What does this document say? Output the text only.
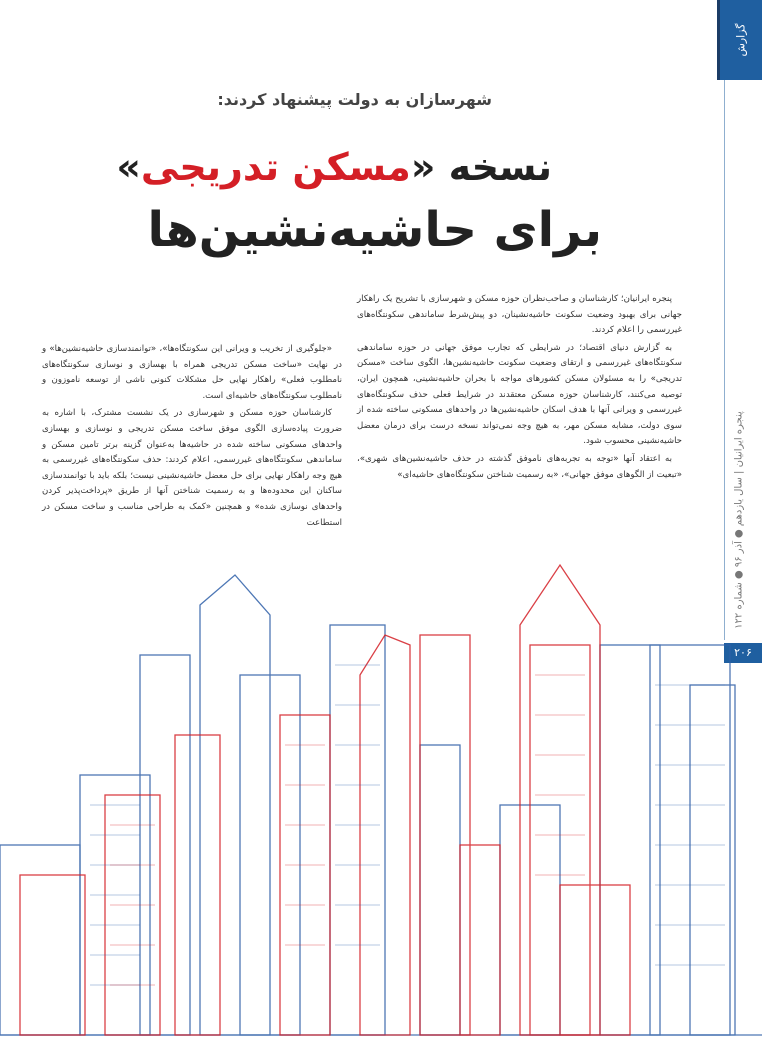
گزارش
پنجره ایرانیان | سال یازدهم ● آذر ۹۶ ● شماره ۱۲۲
۲۰۶
شهرسازان به دولت پیشنهاد کردند:
نسخه «مسکن تدریجی»
برای حاشیه‌نشین‌ها

پنجره ایرانیان؛ کارشناسان و صاحب‌نظران حوزه مسکن و شهرسازی با تشریح یک راهکار جهانی برای بهبود وضعیت سکونت حاشیه‌نشینان، دو پیش‌شرط ساماندهی سکونتگاه‌های غیررسمی را اعلام کردند.

به گزارش دنیای اقتصاد؛ در شرایطی که تجارب موفق جهانی در حوزه ساماندهی سکونتگاه‌های غیررسمی و ارتقای وضعیت سکونت حاشیه‌نشین‌ها، الگوی ساخت «مسکن تدریجی» را به مسئولان مسکن کشورهای مواجه با بحران حاشیه‌نشینی، همچون ایران، توصیه می‌کنند، کارشناسان حوزه مسکن معتقدند در شرایط فعلی حذف سکونتگاه‌های غیررسمی و ویرانی آنها با هدف اسکان حاشیه‌نشین‌ها در واحدهای مسکونی ساخته شده از سوی دولت، مشابه مسکن مهر، به هیچ وجه نمی‌تواند نسخه درست برای درمان معضل حاشیه‌نشینی محسوب شود.

به اعتقاد آنها «توجه به تجربه‌های ناموفق گذشته در حذف حاشیه‌نشین‌های شهری»، «تبعیت از الگوهای موفق جهانی»، «به رسمیت شناختن سکونتگاه‌های حاشیه‌ای»

«جلوگیری از تخریب و ویرانی این سکونتگاه‌ها»، «توانمندسازی حاشیه‌نشین‌ها» و در نهایت «ساخت مسکن تدریجی همراه با بهسازی و نوسازی سکونتگاه‌های نامطلوب فعلی» راهکار نهایی حل مشکلات کنونی ناشی از توسعه ناموزون و نامطلوب سکونتگاه‌های حاشیه‌ای است.

کارشناسان حوزه مسکن و شهرسازی در یک نشست مشترک، با اشاره به ضرورت پیاده‌سازی الگوی موفق ساخت مسکن تدریجی و نوسازی و بهسازی واحدهای مسکونی ساخته شده در حاشیه‌ها به‌عنوان گزینه برتر تامین مسکن و ساماندهی سکونتگاه‌های غیررسمی، اعلام کردند: حذف سکونتگاه‌های غیررسمی به هیچ وجه راهکار نهایی برای حل معضل حاشیه‌نشینی نیست؛ بلکه باید با توانمندسازی ساکنان این محدوده‌ها و به رسمیت شناختن آنها از طریق «پرداخت‌پذیر کردن واحدهای نوسازی شده» و همچنین «کمک به طراحی مناسب و ساخت مسکن در استطاعت
